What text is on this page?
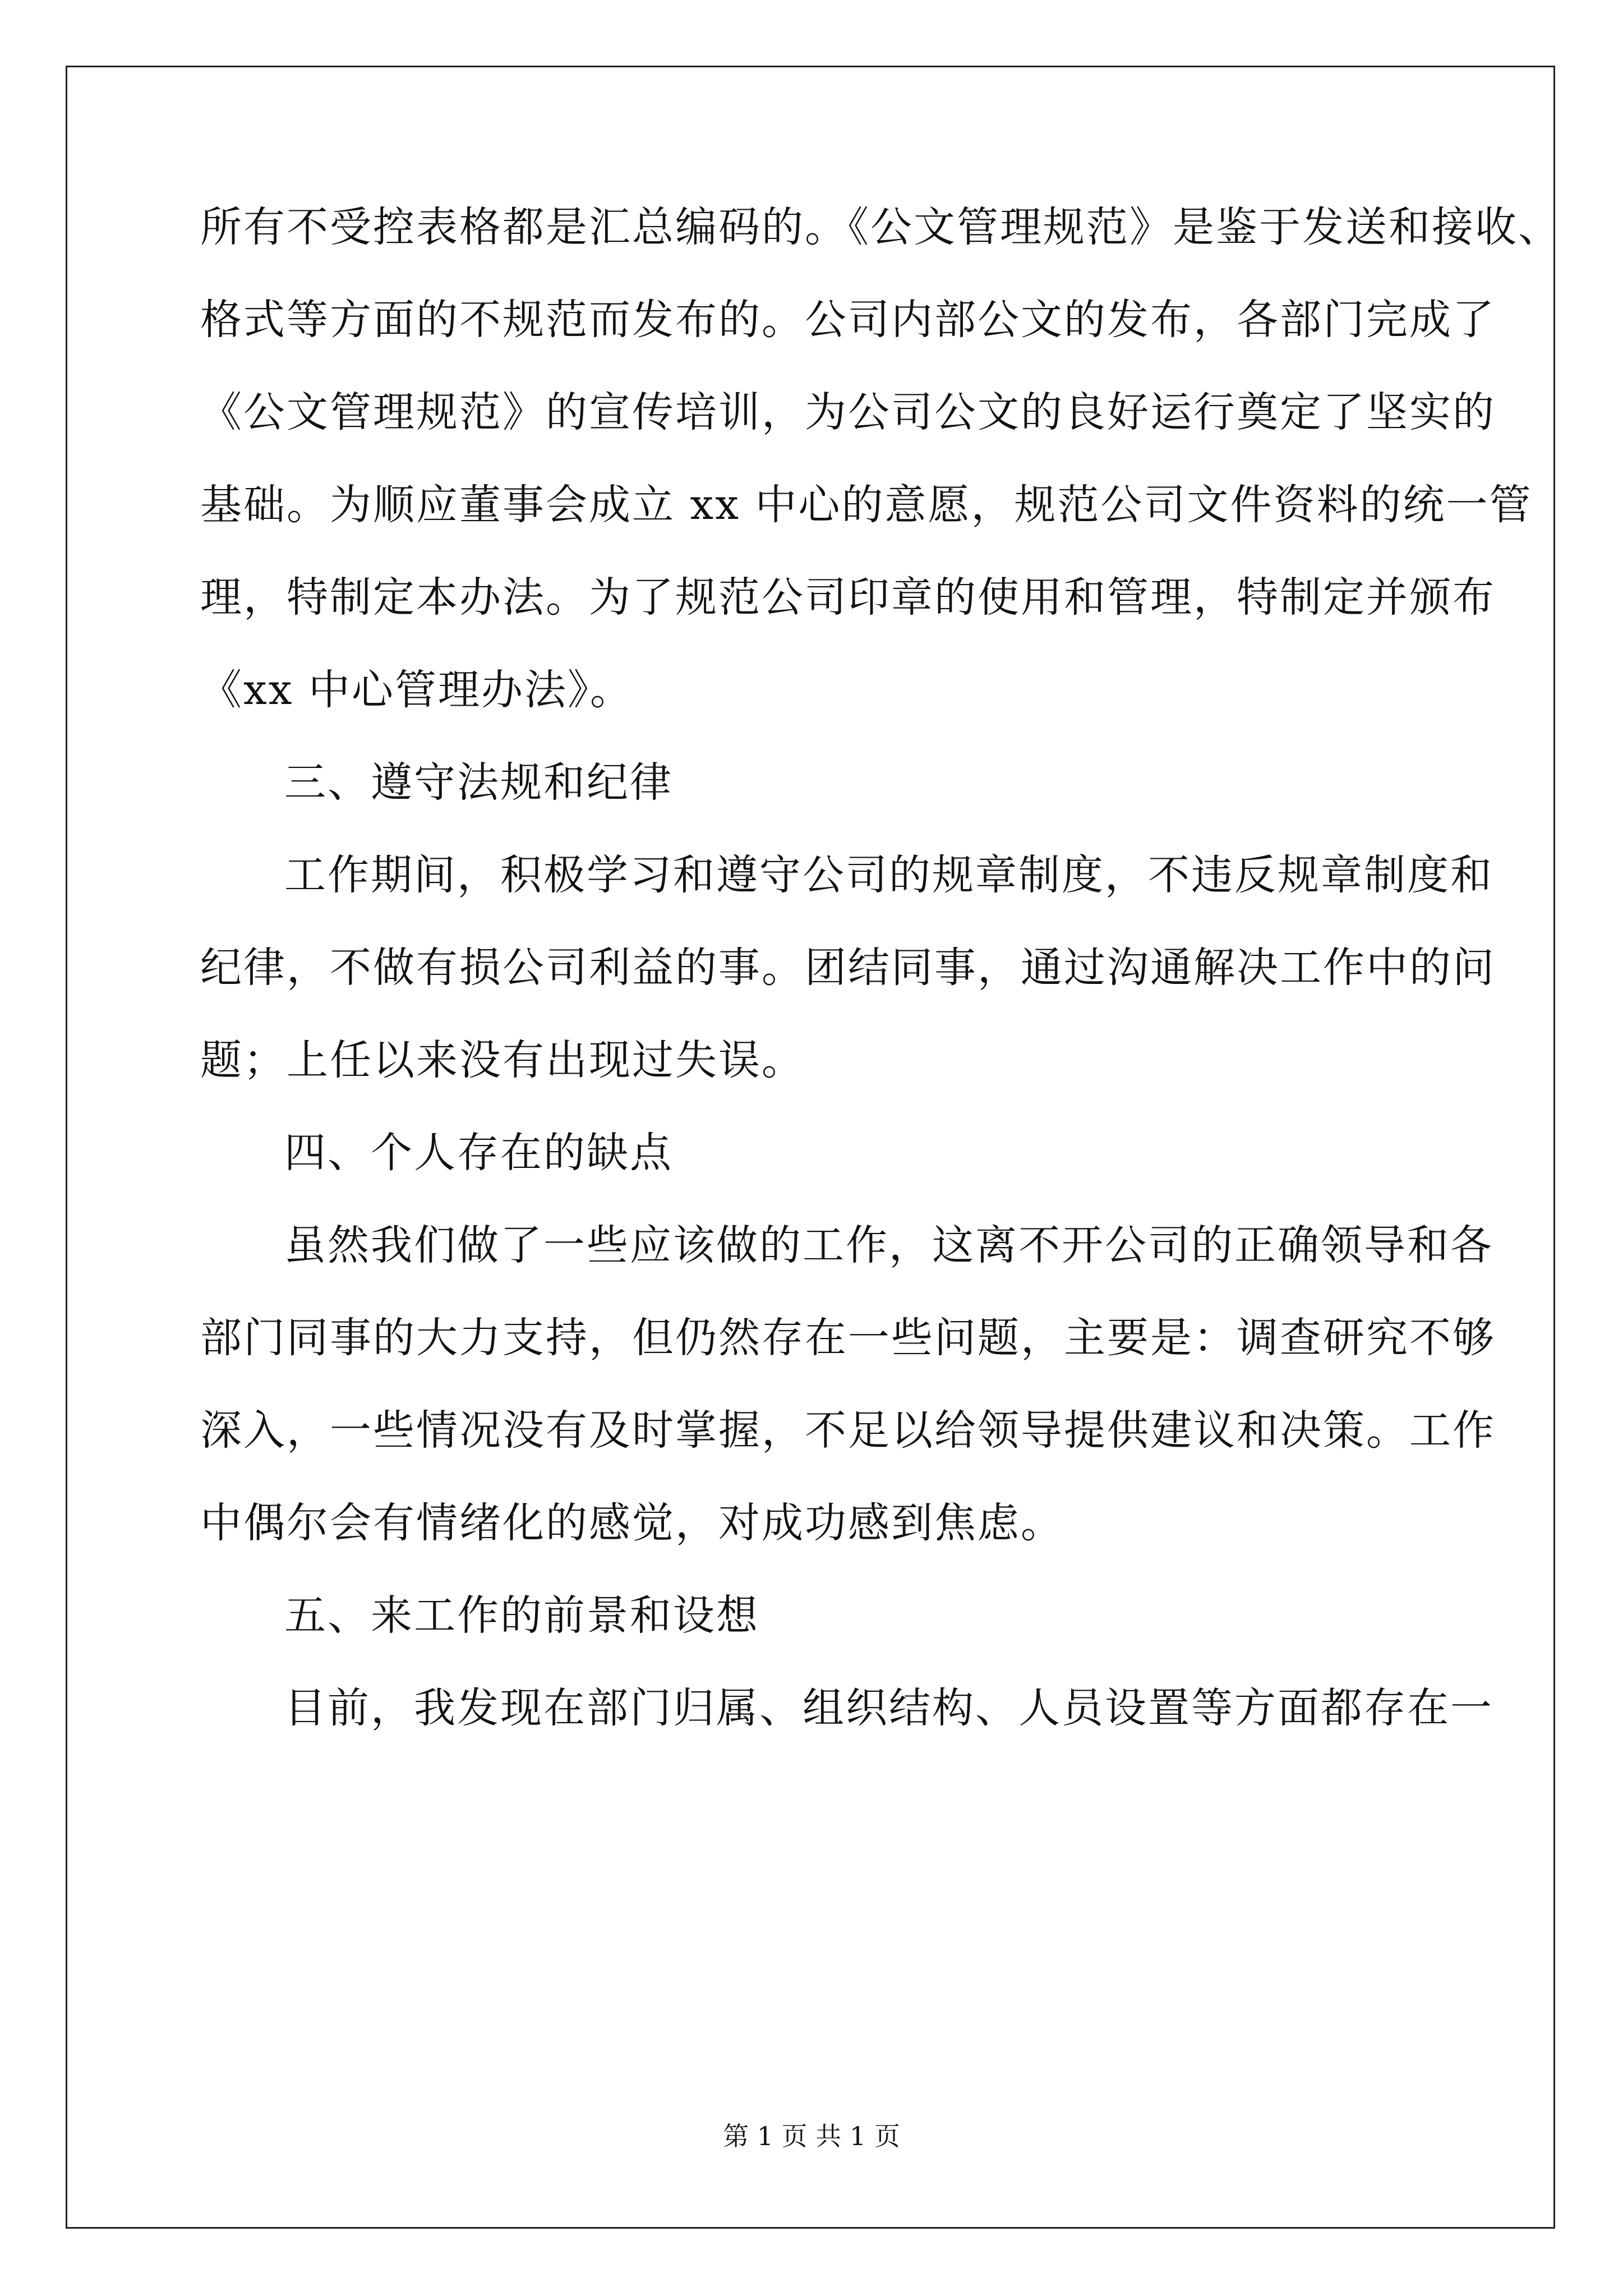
所有不受控表格都是汇总编码的。《公文管理规范》是鉴于发送和接收、
格式等方面的不规范而发布的。公司内部公文的发布，各部门完成了
《公文管理规范》的宣传培训，为公司公文的良好运行奠定了坚实的
基础。为顺应董事会成立 xx 中心的意愿，规范公司文件资料的统一管
理，特制定本办法。为了规范公司印章的使用和管理，特制定并颁布
《xx 中心管理办法》。
三、遵守法规和纪律
工作期间，积极学习和遵守公司的规章制度，不违反规章制度和
纪律，不做有损公司利益的事。团结同事，通过沟通解决工作中的问
题；上任以来没有出现过失误。
四、个人存在的缺点
虽然我们做了一些应该做的工作，这离不开公司的正确领导和各
部门同事的大力支持，但仍然存在一些问题，主要是：调查研究不够
深入，一些情况没有及时掌握，不足以给领导提供建议和决策。工作
中偶尔会有情绪化的感觉，对成功感到焦虑。
五、来工作的前景和设想
目前，我发现在部门归属、组织结构、人员设置等方面都存在一
第 1 页 共 1 页
